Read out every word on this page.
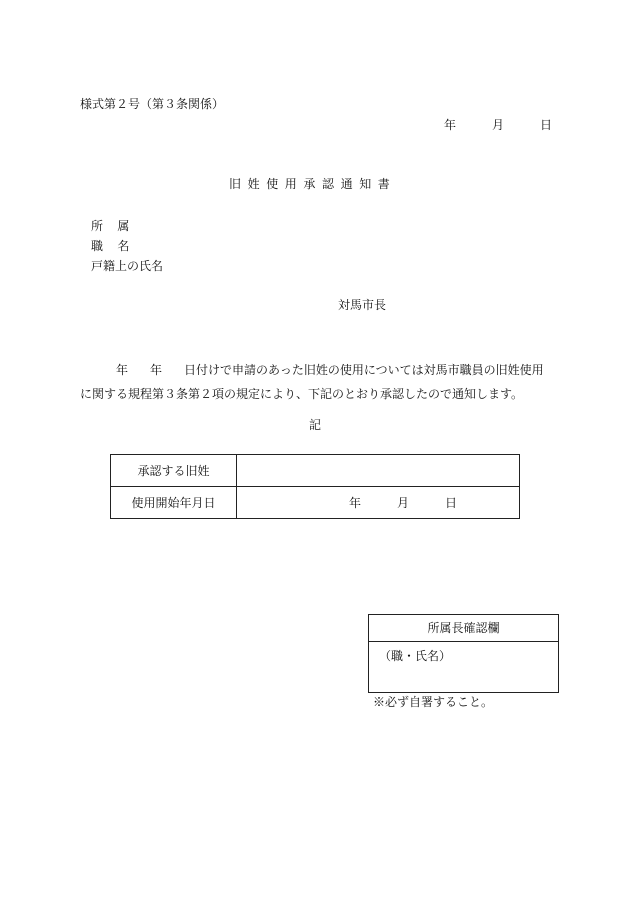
様式第２号（第３条関係）
年	月	日
旧姓使用承認通知書
所属
職名
戸籍上の氏名
対馬市長
年 年 日付けで申請のあった旧姓の使用については対馬市職員の旧姓使用に関する規程第３条第２項の規定により、下記のとおり承認したので通知します。
記
承認する旧姓	
使用開始年月日	年 月 日
所属長確認欄
（職・氏名）
※必ず自署すること。
